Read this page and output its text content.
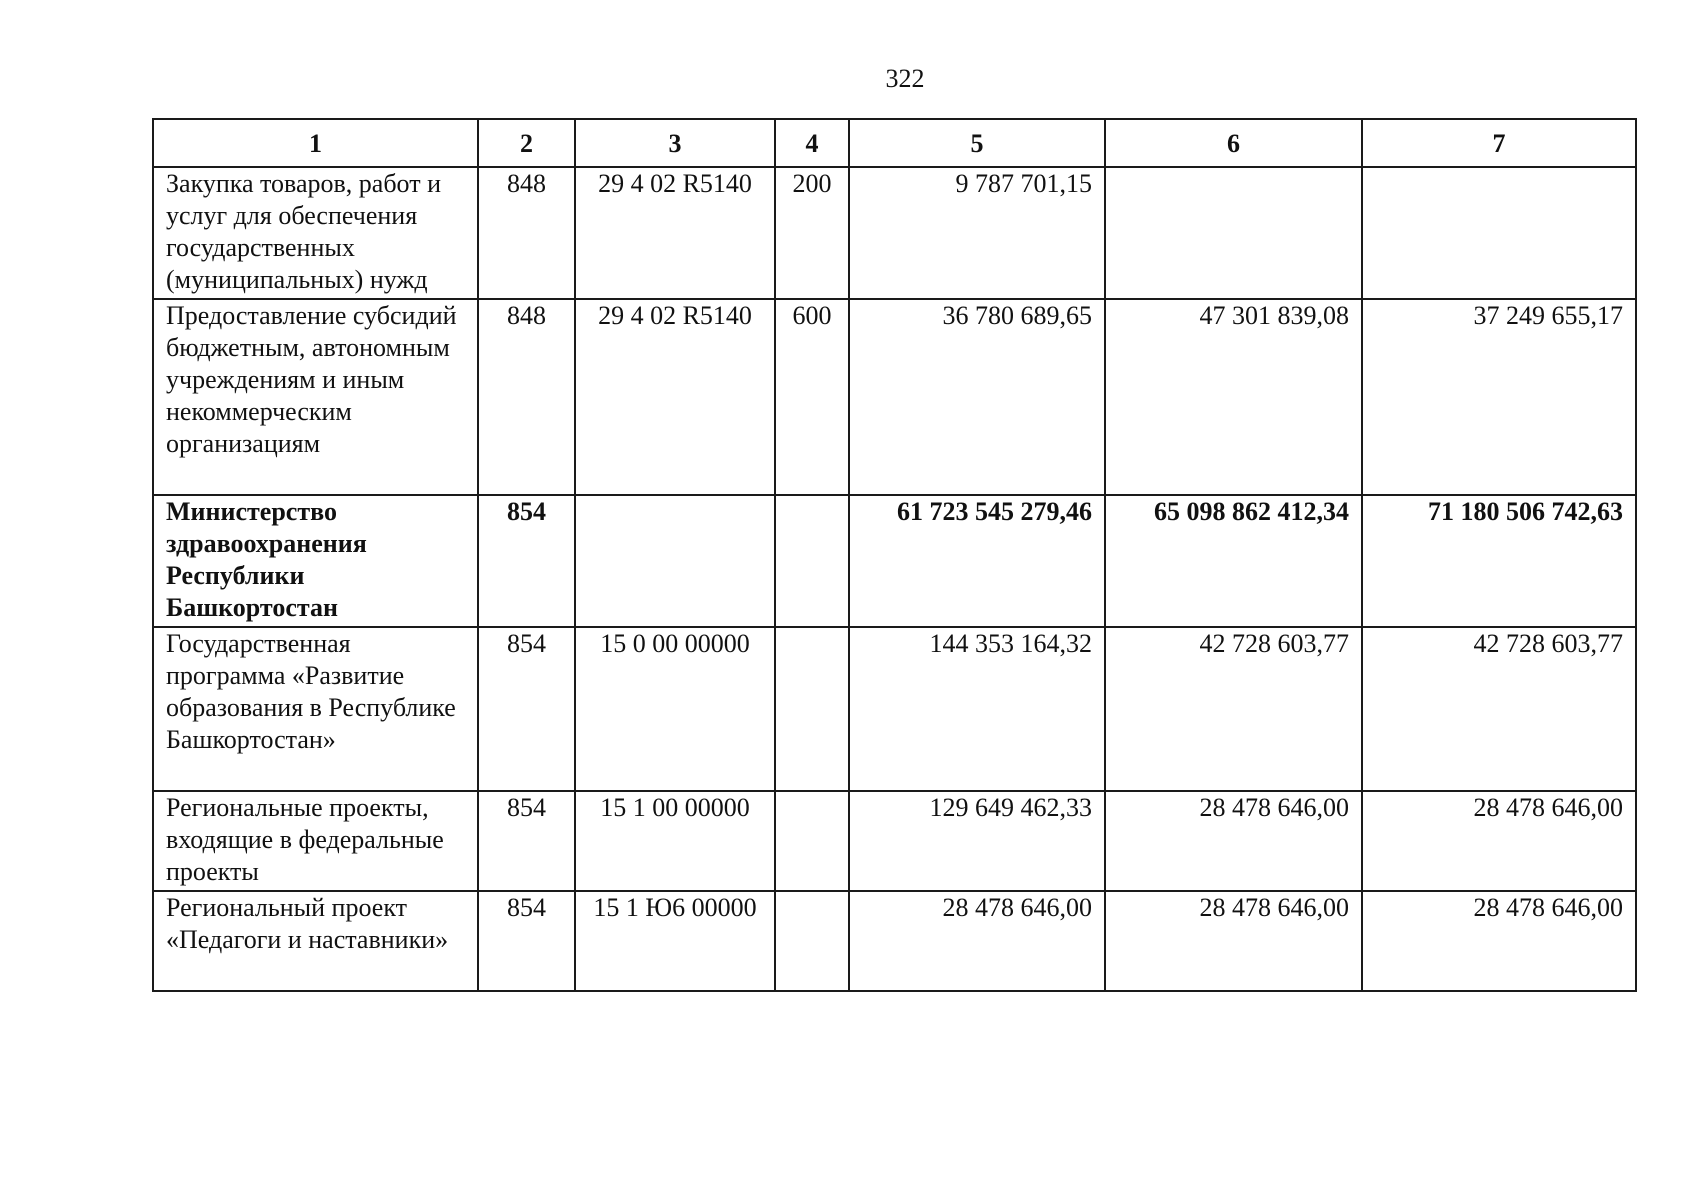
322
1	2	3	4	5	6	7
Закупка товаров, работ и услуг для обеспечения государственных (муниципальных) нужд	848	29 4 02 R5140	200	9 787 701,15		
Предоставление субсидий бюджетным, автономным учреждениям и иным некоммерческим организациям	848	29 4 02 R5140	600	36 780 689,65	47 301 839,08	37 249 655,17
Министерство здравоохранения Республики Башкортостан	854			61 723 545 279,46	65 098 862 412,34	71 180 506 742,63
Государственная программа «Развитие образования в Республике Башкортостан»	854	15 0 00 00000		144 353 164,32	42 728 603,77	42 728 603,77
Региональные проекты, входящие в федеральные проекты	854	15 1 00 00000		129 649 462,33	28 478 646,00	28 478 646,00
Региональный проект «Педагоги и наставники»	854	15 1 Ю6 00000		28 478 646,00	28 478 646,00	28 478 646,00
